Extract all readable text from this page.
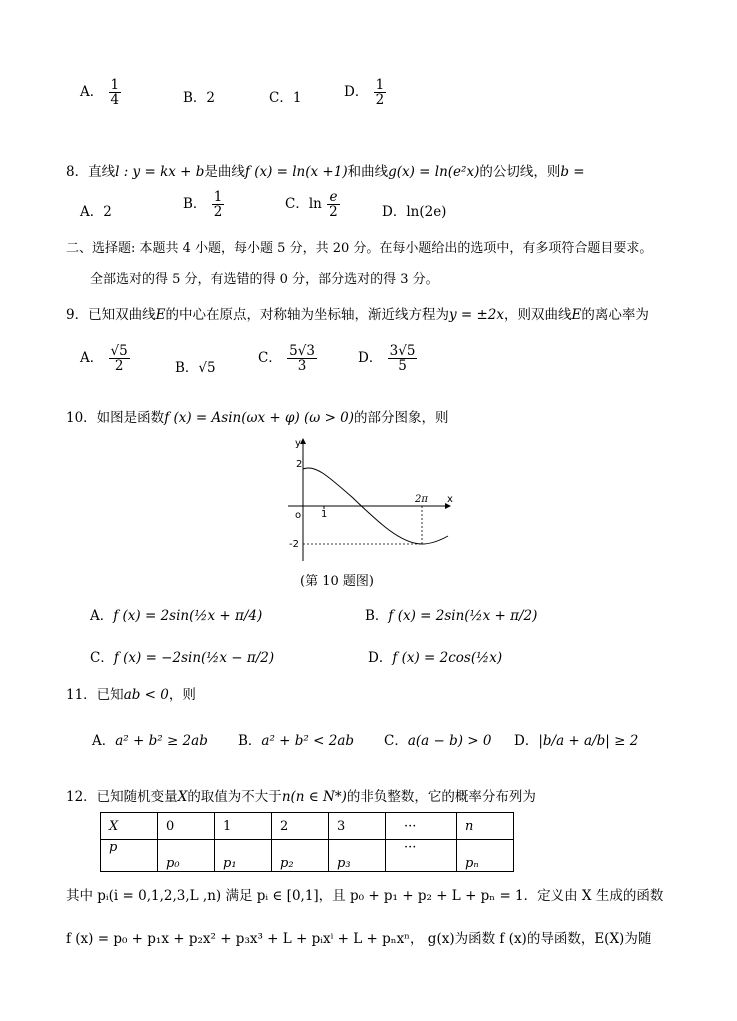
A． $\frac{1}{4}$	B．2	C．1	D． $\frac{1}{2}$
8．直线l : y = kx + b是曲线f (x) = ln(x +1)和曲线g(x) = ln(e²x)的公切线，则b =
A．2	B． $\frac{1}{2}$	C．$\ln \frac{e}{2}$	D．ln(2e)
二、选择题: 本题共 4 小题，每小题 5 分，共 20 分。在每小题给出的选项中，有多项符合题目要求。
全部选对的得 5 分，有选错的得 0 分，部分选对的得 3 分。
9．已知双曲线E的中心在原点，对称轴为坐标轴，渐近线方程为y = ±2x，则双曲线E的离心率为
A． $\frac{√5}{2}$	B．√5
C． $\frac{5√3}{3}$	D． $\frac{3√5}{5}$
10．如图是函数f (x) = Asin(ωx + φ) (ω > 0)的部分图象，则
y
x
2
-2
o 1
2π
(第 10 题图)
A．f (x) = 2sin(½x + π/4)	B．f (x) = 2sin(½x + π/2)
C．f (x) = −2sin(½x − π/2)	D．f (x) = 2cos(½x)
11．已知ab < 0，则
A．a² + b² ≥ 2ab B．a² + b² < 2ab C．a(a − b) > 0 D．|b/a + a/b| ≥ 2
12．已知随机变量X的取值为不大于n(n ∈ N*)的非负整数，它的概率分布列为
X	0	1	2	3	···	n
p	p₀	p₁	p₂	p₃	···	pₙ
其中 pᵢ(i = 0,1,2,3,L ,n) 满足 pᵢ ∈ [0,1]，且 p₀ + p₁ + p₂ + L + pₙ = 1．定义由 X 生成的函数
f (x) = p₀ + p₁x + p₂x² + p₃x³ + L + pᵢxⁱ + L + pₙxⁿ， g(x)为函数 f (x)的导函数，E(X)为随
